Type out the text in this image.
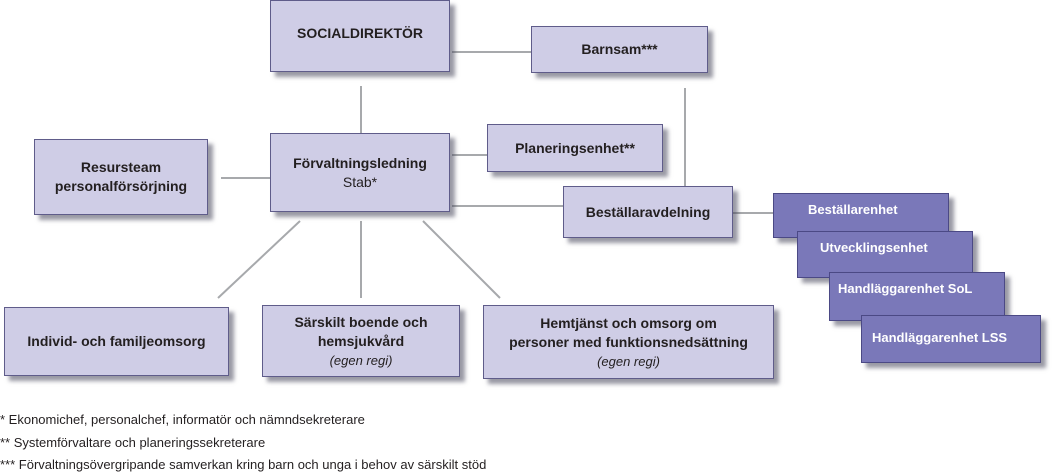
SOCIALDIREKTÖR
Barnsam***
Planeringsenhet**
Förvaltningsledning
Stab*
Resursteam
personalförsörjning
Beställaravdelning	Beställarenhet
Utvecklingsenhet
Handläggarenhet SoL
Handläggarenhet LSS
Individ- och familjeomsorg
Särskilt boende och
hemsjukvård
(egen regi)
Hemtjänst och omsorg om
personer med funktionsnedsättning
(egen regi)
* Ekonomichef, personalchef, informatör och nämndsekreterare
** Systemförvaltare och planeringssekreterare
*** Förvaltningsövergripande samverkan kring barn och unga i behov av särskilt stöd
